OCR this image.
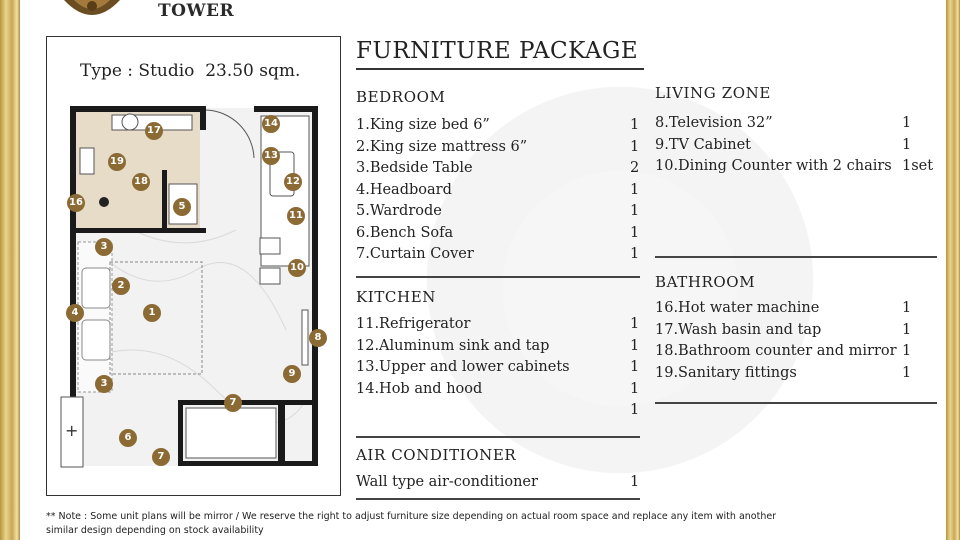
TOWER
Type : Studio  23.50 sqm.
+
17
19
18
16	5
14
13
12
11
3
2
4	1
10
8
3
9
7
6
7
FURNITURE PACKAGE
BEDROOM
1.King size bed 6”	1
2.King size mattress 6”	1
3.Bedside Table	2
4.Headboard	1
5.Wardrode	1
6.Bench Sofa	1
7.Curtain Cover	1
KITCHEN
11.Refrigerator	1
12.Aluminum sink and tap	1
13.Upper and lower cabinets	1
14.Hob and hood	1
1
AIR CONDITIONER
Wall type air-conditioner	1
LIVING ZONE
8.Television 32”	1
9.TV Cabinet	1
10.Dining Counter with 2 chairs 1set
BATHROOM
16.Hot water machine	1
17.Wash basin and tap	1
18.Bathroom counter and mirror 1
19.Sanitary fittings	1
** Note : Some unit plans will be mirror / We reserve the right to adjust furniture size depending on actual room space and replace any item with another similar design depending on stock availability
